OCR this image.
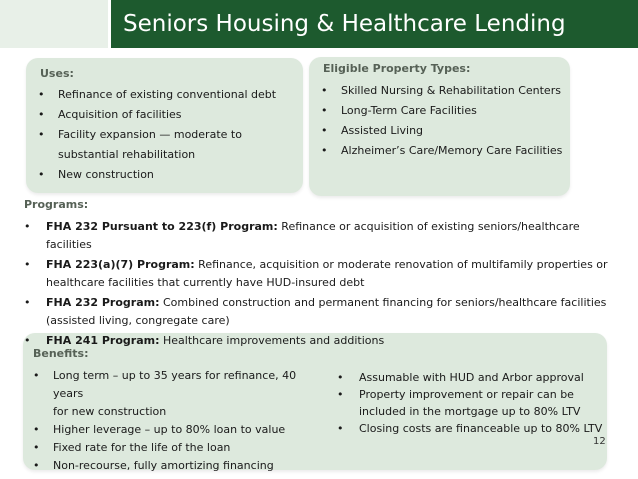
Seniors Housing & Healthcare Lending
Uses:
• Refinance of existing conventional debt
• Acquisition of facilities
• Facility expansion — moderate to
substantial rehabilitation
• New construction
Eligible Property Types:
• Skilled Nursing & Rehabilitation Centers
• Long-Term Care Facilities
• Assisted Living
• Alzheimer’s Care/Memory Care Facilities
Benefits:
• Long term – up to 35 years for refinance, 40 years
for new construction
• Higher leverage – up to 80% loan to value
• Fixed rate for the life of the loan
• Non-recourse, fully amortizing financing
• Assumable with HUD and Arbor approval
• Property improvement or repair can be
included in the mortgage up to 80% LTV
• Closing costs are financeable up to 80% LTV
Programs:
• FHA 232 Pursuant to 223(f) Program: Refinance or acquisition of existing seniors/healthcare
facilities
• FHA 223(a)(7) Program: Refinance, acquisition or moderate renovation of multifamily properties or
healthcare facilities that currently have HUD-insured debt
• FHA 232 Program: Combined construction and permanent financing for seniors/healthcare facilities
(assisted living, congregate care)
• FHA 241 Program: Healthcare improvements and additions
12
